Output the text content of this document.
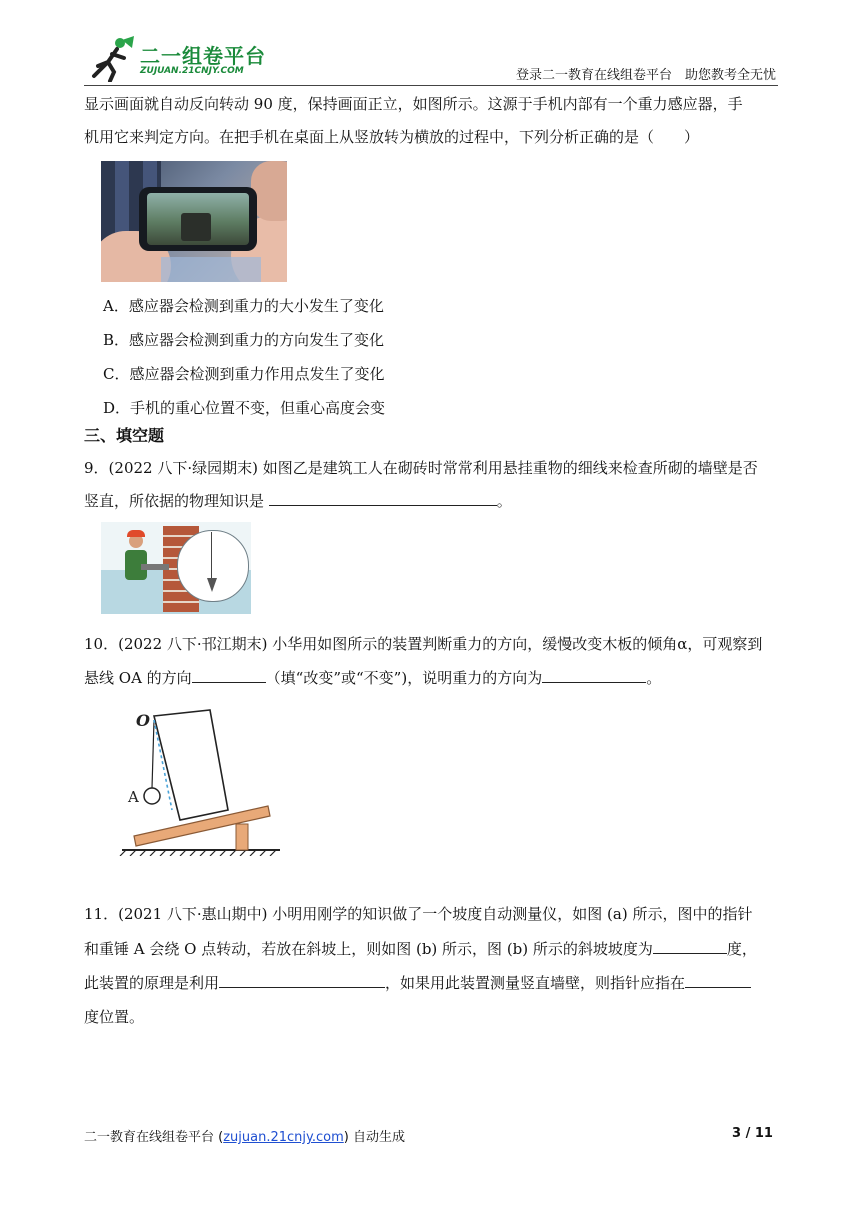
二一组卷平台
ZUJUAN.21CNJY.COM	登录二一教育在线组卷平台　助您教考全无忧
显示画面就自动反向转动 90 度，保持画面正立，如图所示。这源于手机内部有一个重力感应器，手
机用它来判定方向。在把手机在桌面上从竖放转为横放的过程中，下列分析正确的是（　　）
A．感应器会检测到重力的大小发生了变化
B．感应器会检测到重力的方向发生了变化
C．感应器会检测到重力作用点发生了变化
D．手机的重心位置不变，但重心高度会变
三、填空题
9．(2022 八下·绿园期末) 如图乙是建筑工人在砌砖时常常利用悬挂重物的细线来检查所砌的墙壁是否
竖直，所依据的物理知识是	。
10．(2022 八下·邗江期末) 小华用如图所示的装置判断重力的方向，缓慢改变木板的倾角α，可观察到
悬线 OA 的方向	（填“改变”或“不变”)，说明重力的方向为	。
O
A
11．(2021 八下·惠山期中) 小明用刚学的知识做了一个坡度自动测量仪，如图 (a) 所示，图中的指针
和重锤 A 会绕 O 点转动，若放在斜坡上，则如图 (b) 所示，图 (b) 所示的斜坡坡度为	度，
此装置的原理是利用	，如果用此装置测量竖直墙壁，则指针应指在
度位置。
二一教育在线组卷平台 (zujuan.21cnjy.com) 自动生成	3 / 11
